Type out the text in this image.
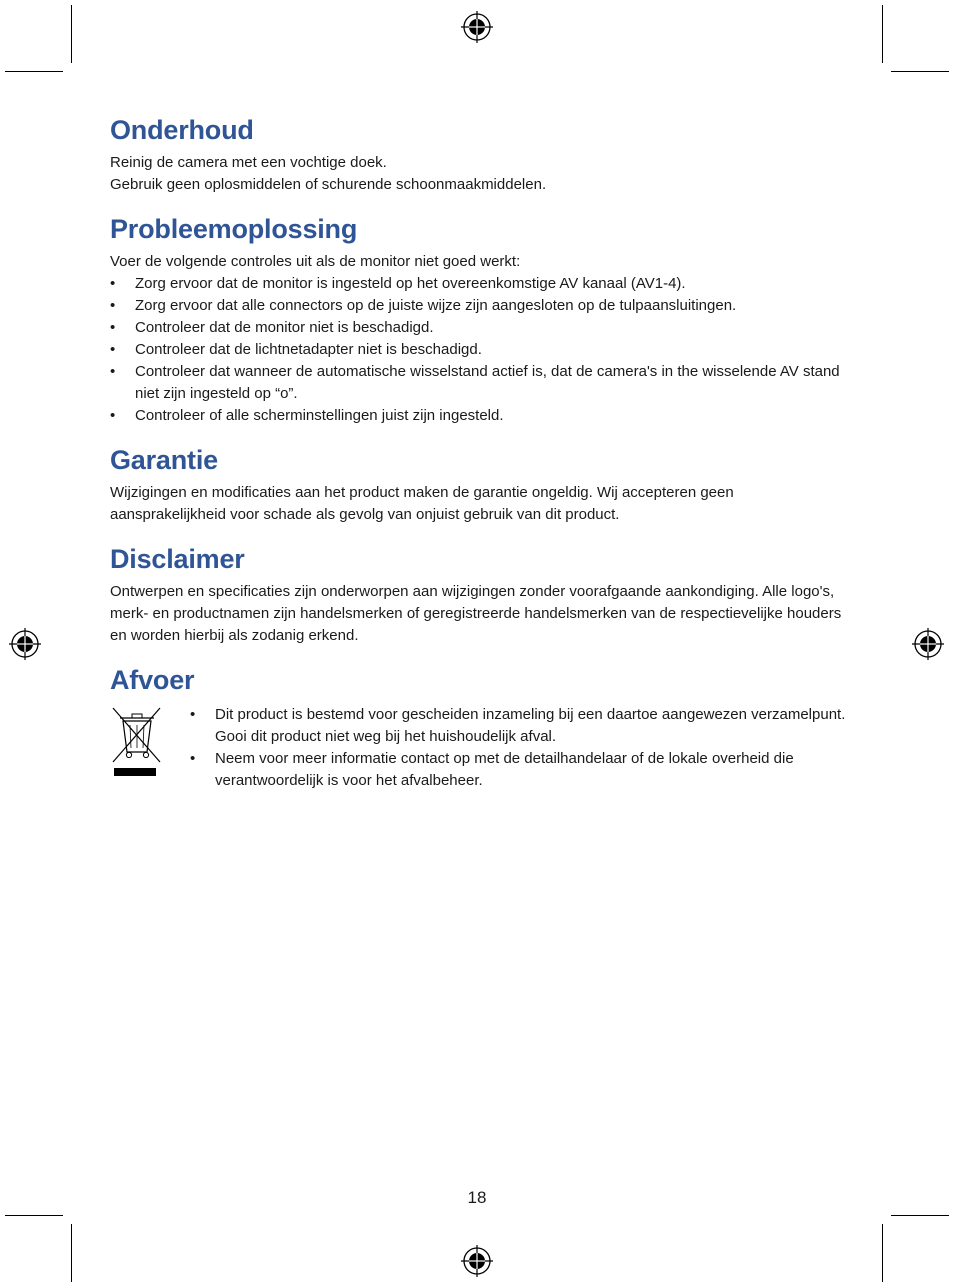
Onderhoud

Reinig de camera met een vochtige doek.

Gebruik geen oplosmiddelen of schurende schoonmaakmiddelen.

Probleemoplossing

Voer de volgende controles uit als de monitor niet goed werkt:

• Zorg ervoor dat de monitor is ingesteld op het overeenkomstige AV kanaal (AV1-4).
• Zorg ervoor dat alle connectors op de juiste wijze zijn aangesloten op de tulpaansluitingen.
• Controleer dat de monitor niet is beschadigd.
• Controleer dat de lichtnetadapter niet is beschadigd.
• Controleer dat wanneer de automatische wisselstand actief is, dat de camera's in the wisselende AV stand niet zijn ingesteld op “ο”.
• Controleer of alle scherminstellingen juist zijn ingesteld.
Garantie

Wijzigingen en modificaties aan het product maken de garantie ongeldig. Wij accepteren geen aansprakelijkheid voor schade als gevolg van onjuist gebruik van dit product.

Disclaimer

Ontwerpen en specificaties zijn onderworpen aan wijzigingen zonder voorafgaande aankondiging. Alle logo's, merk- en productnamen zijn handelsmerken of geregistreerde handelsmerken van de respectievelijke houders en worden hierbij als zodanig erkend.

Afvoer
• Dit product is bestemd voor gescheiden inzameling bij een daartoe aangewezen verzamelpunt. Gooi dit product niet weg bij het huishoudelijk afval.
• Neem voor meer informatie contact op met de detailhandelaar of de lokale overheid die verantwoordelijk is voor het afvalbeheer.
18
